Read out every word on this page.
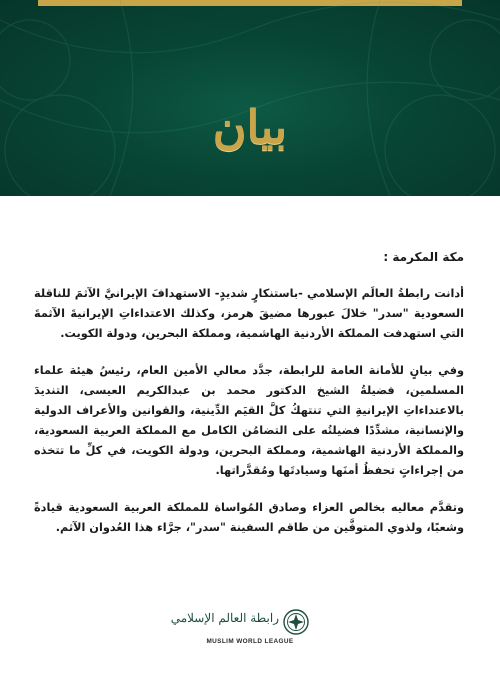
بيان

مكة المكرمة :

أدانت رابطةُ العالَم الإسلامي -باستنكارٍ شديدٍ- الاستهدافَ الإيرانيَّ الآثمَ للناقلة السعودية "سدر" خلالَ عبورها مضيقَ هرمز، وكذلك الاعتداءاتِ الإيرانيةَ الآثمةَ التي استهدفت المملكة الأردنية الهاشمية، ومملكة البحرين، ودولة الكويت.

وفي بيانٍ للأمانة العامة للرابطة، جدَّد معالي الأمين العام، رئيسُ هيئة علماء المسلمين، فضيلةُ الشيخ الدكتور محمد بن عبدالكريم العيسى، التنديدَ بالاعتداءاتِ الإيرانيةِ التي تنتهكُ كلَّ القيَم الدِّينية، والقوانين والأعراف الدولية والإنسانية، مشدِّدًا فضيلتُه على التضامُن الكامل مع المملكة العربية السعودية، والمملكة الأردنية الهاشمية، ومملكة البحرين، ودولة الكويت، في كلِّ ما تتخذه من إجراءاتٍ تحفظُ أمنَها وسيادتَها ومُقدَّراتها.

وتقدَّم معاليه بخالص العزاء وصادق المُواساة للمملكة العربية السعودية قيادةً وشعبًا، ولذوي المتوفَّين من طاقم السفينة "سدر"، جرَّاء هذا العُدوان الآثم.

رابطة العالم الإسلامي
MUSLIM WORLD LEAGUE
